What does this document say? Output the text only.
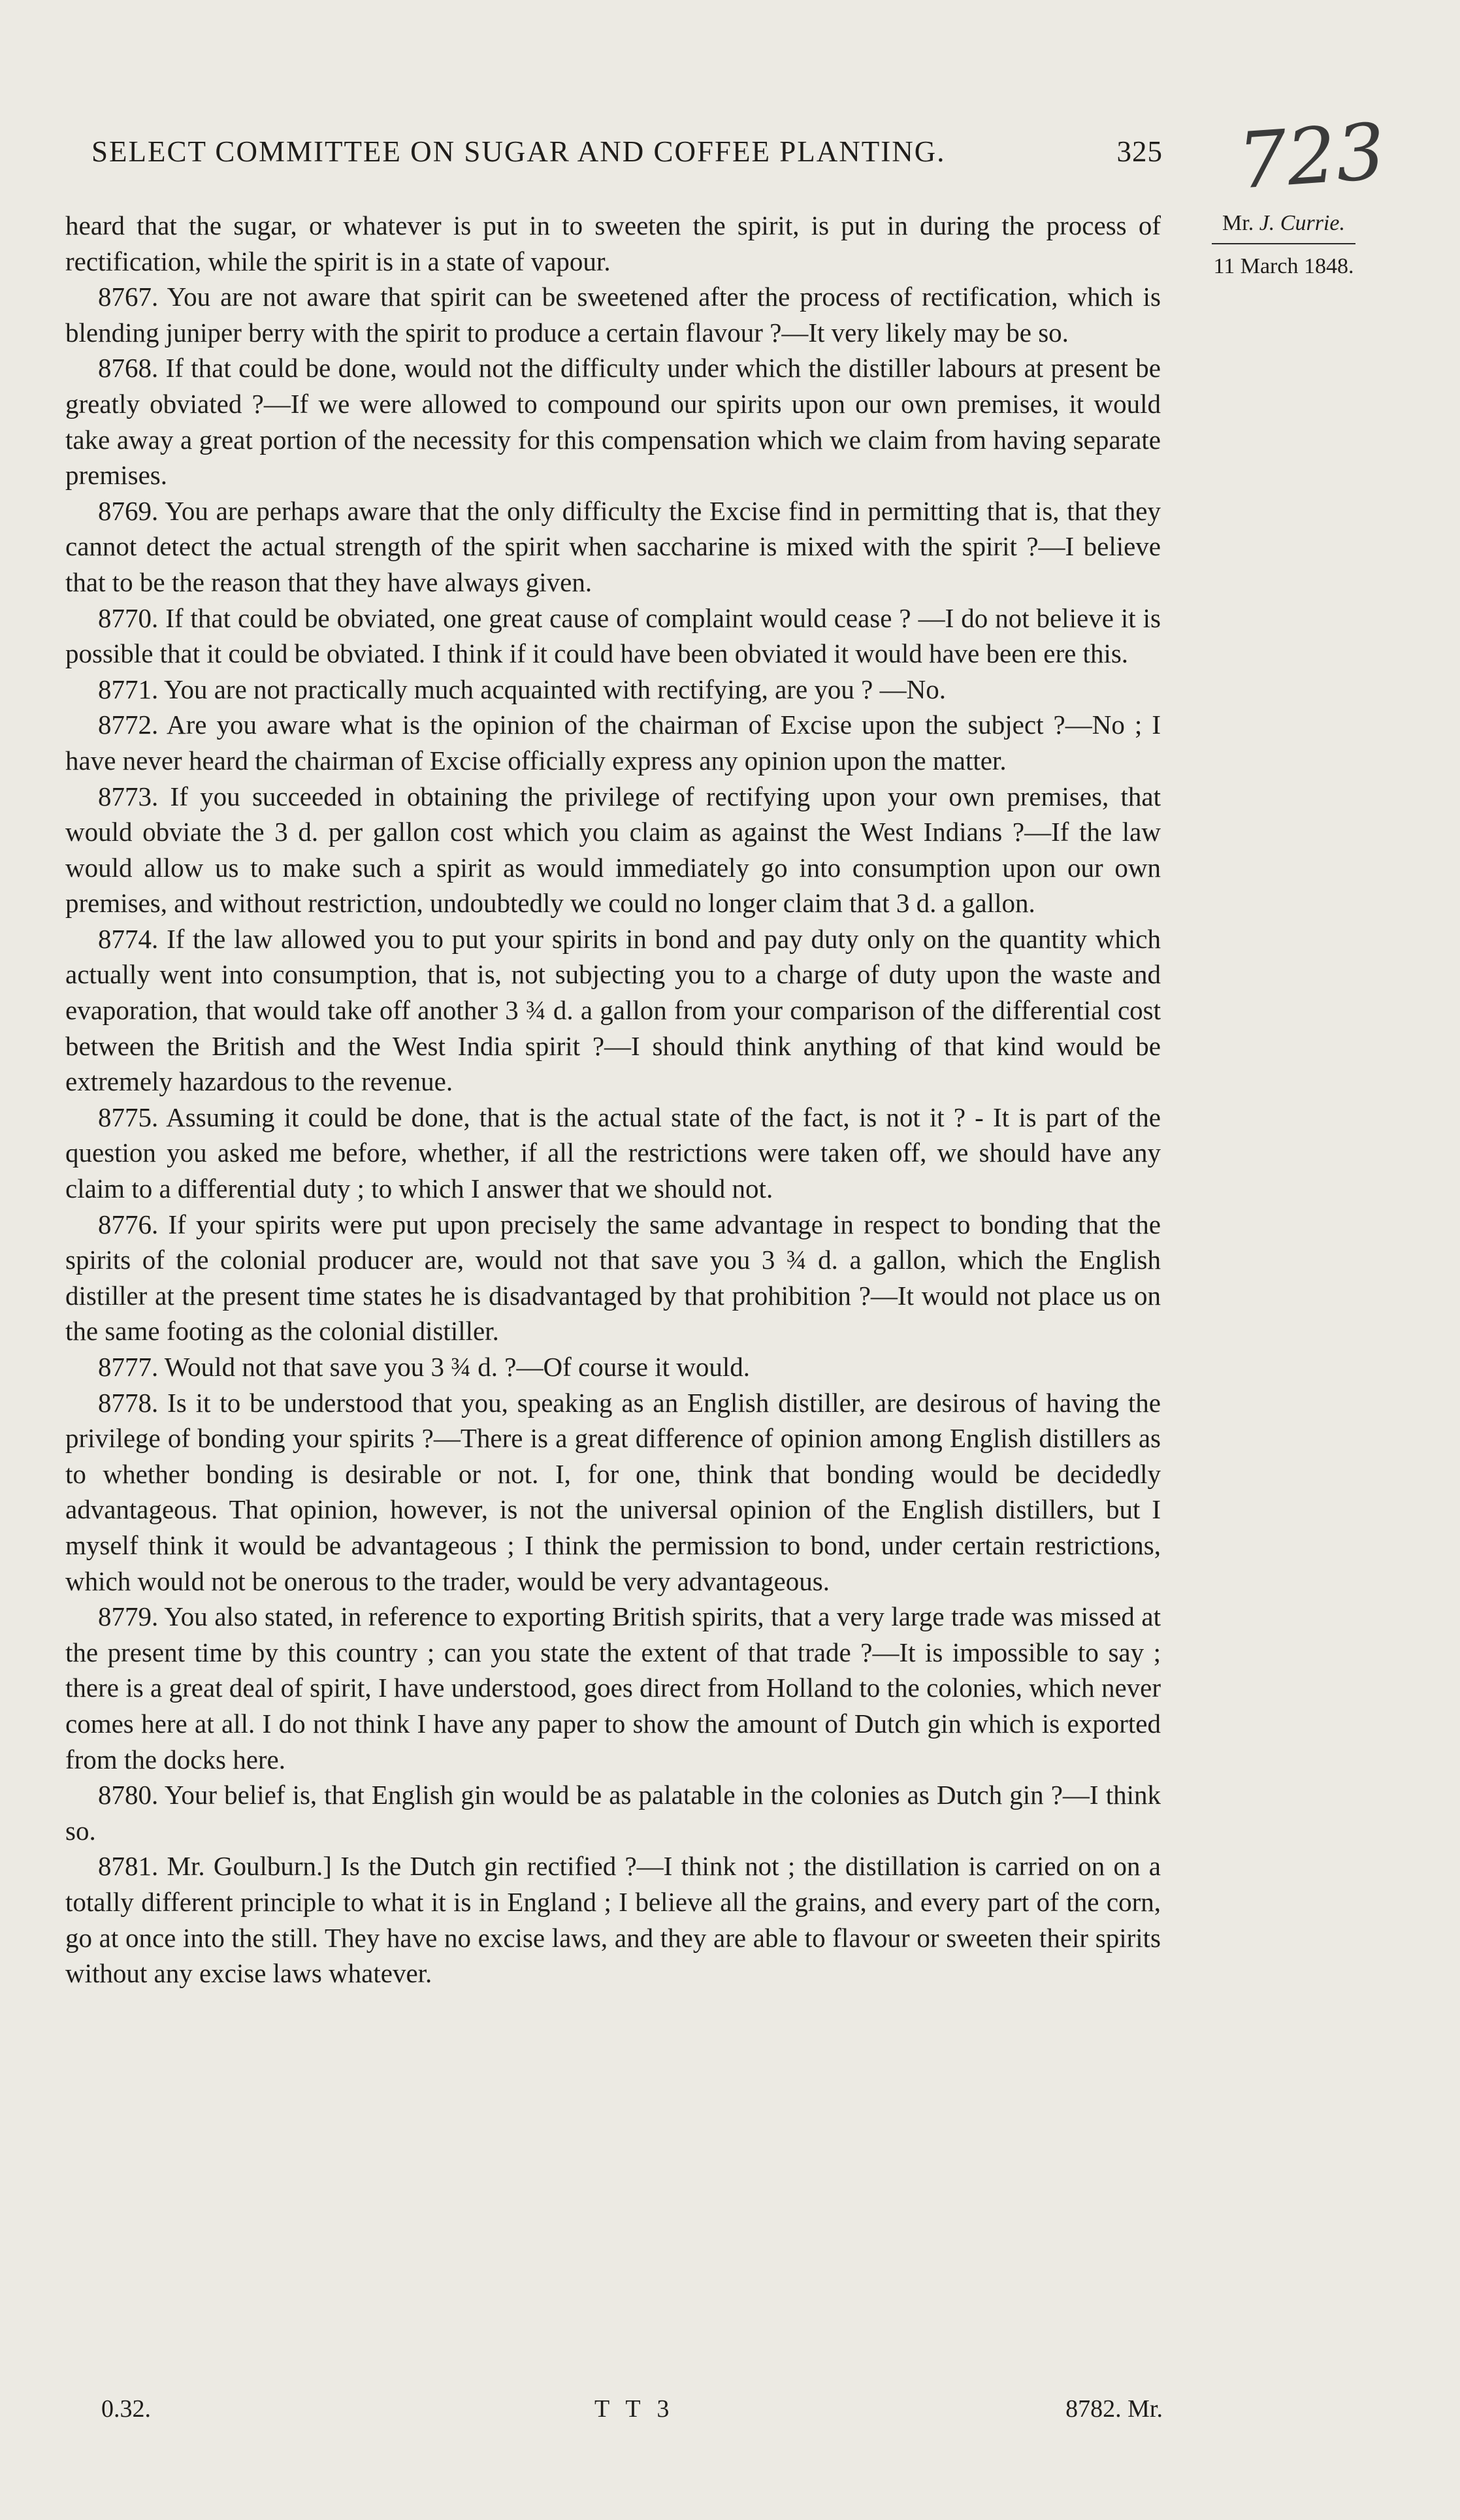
SELECT COMMITTEE ON SUGAR AND COFFEE PLANTING.	325 723
Mr. J. Currie.
11 March 1848.

heard that the sugar, or whatever is put in to sweeten the spirit, is put in during the process of rectification, while the spirit is in a state of vapour.

8767. You are not aware that spirit can be sweetened after the process of rectification, which is blending juniper berry with the spirit to produce a certain flavour ?—It very likely may be so.

8768. If that could be done, would not the difficulty under which the distiller labours at present be greatly obviated ?—If we were allowed to compound our spirits upon our own premises, it would take away a great portion of the necessity for this compensation which we claim from having separate premises.

8769. You are perhaps aware that the only difficulty the Excise find in permitting that is, that they cannot detect the actual strength of the spirit when saccharine is mixed with the spirit ?—I believe that to be the reason that they have always given.

8770. If that could be obviated, one great cause of complaint would cease ? —I do not believe it is possible that it could be obviated. I think if it could have been obviated it would have been ere this.

8771. You are not practically much acquainted with rectifying, are you ? —No.

8772. Are you aware what is the opinion of the chairman of Excise upon the subject ?—No ; I have never heard the chairman of Excise officially express any opinion upon the matter.

8773. If you succeeded in obtaining the privilege of rectifying upon your own premises, that would obviate the 3 d. per gallon cost which you claim as against the West Indians ?—If the law would allow us to make such a spirit as would immediately go into consumption upon our own premises, and without restriction, undoubtedly we could no longer claim that 3 d. a gallon.

8774. If the law allowed you to put your spirits in bond and pay duty only on the quantity which actually went into consumption, that is, not subjecting you to a charge of duty upon the waste and evaporation, that would take off another 3 ¾ d. a gallon from your comparison of the differential cost between the British and the West India spirit ?—I should think anything of that kind would be extremely hazardous to the revenue.

8775. Assuming it could be done, that is the actual state of the fact, is not it ? - It is part of the question you asked me before, whether, if all the restrictions were taken off, we should have any claim to a differential duty ; to which I answer that we should not.

8776. If your spirits were put upon precisely the same advantage in respect to bonding that the spirits of the colonial producer are, would not that save you 3 ¾ d. a gallon, which the English distiller at the present time states he is disadvantaged by that prohibition ?—It would not place us on the same footing as the colonial distiller.

8777. Would not that save you 3 ¾ d. ?—Of course it would.

8778. Is it to be understood that you, speaking as an English distiller, are desirous of having the privilege of bonding your spirits ?—There is a great difference of opinion among English distillers as to whether bonding is desirable or not. I, for one, think that bonding would be decidedly advantageous. That opinion, however, is not the universal opinion of the English distillers, but I myself think it would be advantageous ; I think the permission to bond, under certain restrictions, which would not be onerous to the trader, would be very advantageous.

8779. You also stated, in reference to exporting British spirits, that a very large trade was missed at the present time by this country ; can you state the extent of that trade ?—It is impossible to say ; there is a great deal of spirit, I have understood, goes direct from Holland to the colonies, which never comes here at all. I do not think I have any paper to show the amount of Dutch gin which is exported from the docks here.

8780. Your belief is, that English gin would be as palatable in the colonies as Dutch gin ?—I think so.

8781. Mr. Goulburn.] Is the Dutch gin rectified ?—I think not ; the distillation is carried on on a totally different principle to what it is in England ; I believe all the grains, and every part of the corn, go at once into the still. They have no excise laws, and they are able to flavour or sweeten their spirits without any excise laws whatever.

0.32.	T T 3	8782. Mr.
